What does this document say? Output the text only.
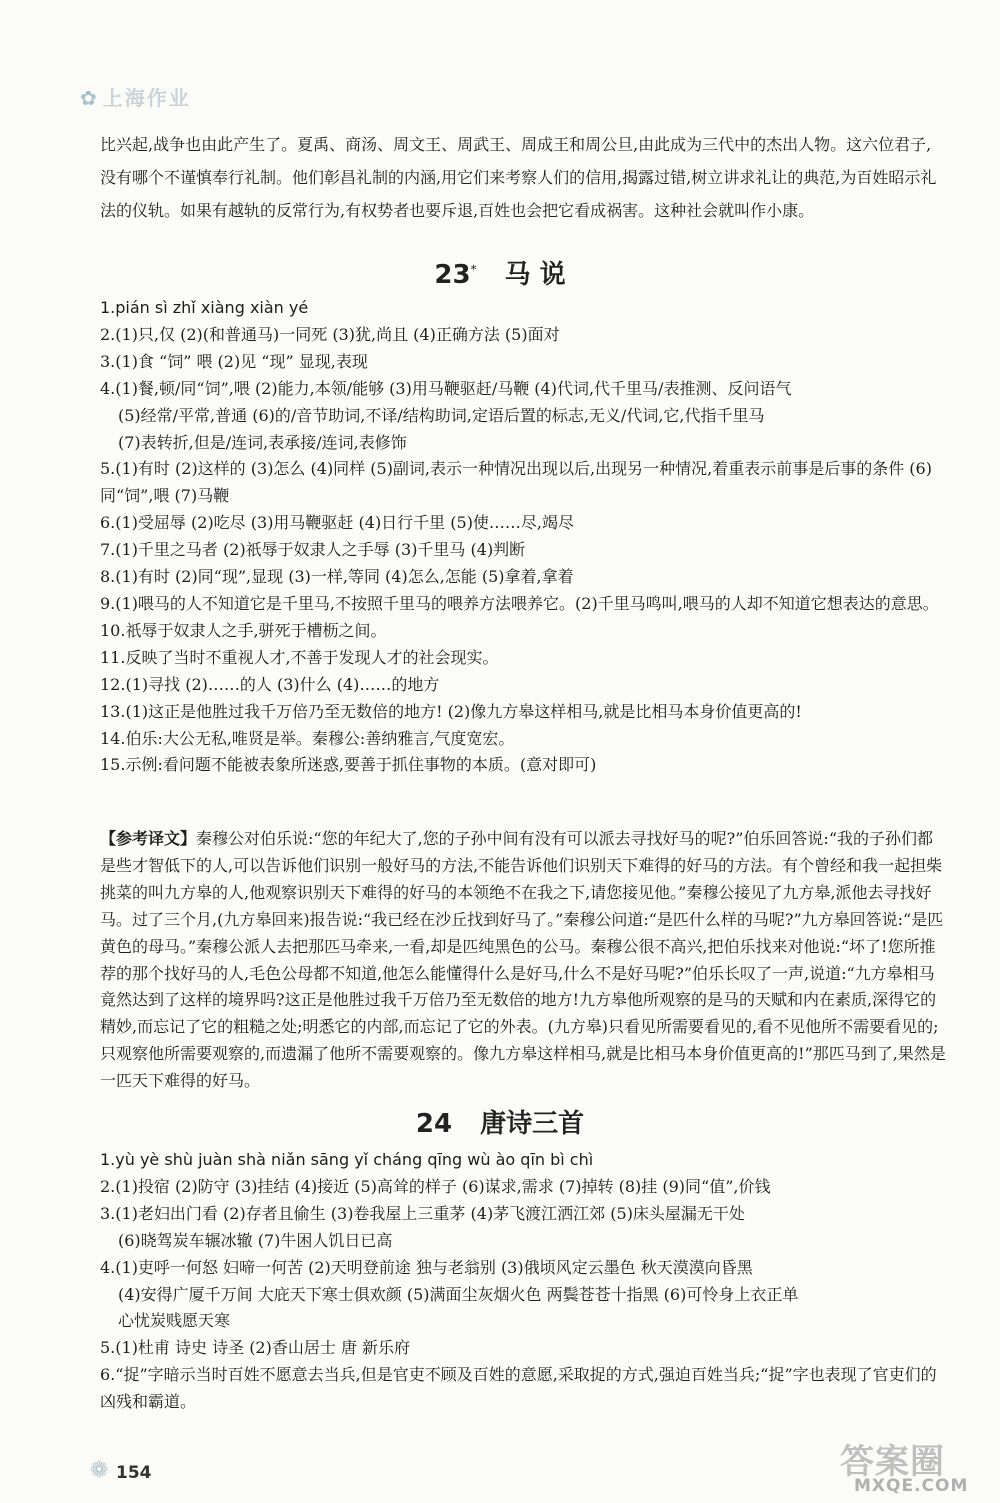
✿ 上海作业

比兴起,战争也由此产生了。夏禹、商汤、周文王、周武王、周成王和周公旦,由此成为三代中的杰出人物。这六位君子,没有哪个不谨慎奉行礼制。他们彰昌礼制的内涵,用它们来考察人们的信用,揭露过错,树立讲求礼让的典范,为百姓昭示礼法的仪轨。如果有越轨的反常行为,有权势者也要斥退,百姓也会把它看成祸害。这种社会就叫作小康。

23* 马 说
1.pián sì zhǐ xiàng xiàn yé
2.(1)只,仅 (2)(和普通马)一同死 (3)犹,尚且 (4)正确方法 (5)面对
3.(1)食 “饲” 喂 (2)见 “现” 显现,表现
4.(1)餐,顿/同“饲”,喂 (2)能力,本领/能够 (3)用马鞭驱赶/马鞭 (4)代词,代千里马/表推测、反问语气
(5)经常/平常,普通 (6)的/音节助词,不译/结构助词,定语后置的标志,无义/代词,它,代指千里马
(7)表转折,但是/连词,表承接/连词,表修饰
5.(1)有时 (2)这样的 (3)怎么 (4)同样 (5)副词,表示一种情况出现以后,出现另一种情况,着重表示前事是后事的条件 (6)同“饲”,喂 (7)马鞭
6.(1)受屈辱 (2)吃尽 (3)用马鞭驱赶 (4)日行千里 (5)使……尽,竭尽
7.(1)千里之马者 (2)祇辱于奴隶人之手辱 (3)千里马 (4)判断
8.(1)有时 (2)同“现”,显现 (3)一样,等同 (4)怎么,怎能 (5)拿着,拿着
9.(1)喂马的人不知道它是千里马,不按照千里马的喂养方法喂养它。(2)千里马鸣叫,喂马的人却不知道它想表达的意思。
10.祇辱于奴隶人之手,骈死于槽枥之间。
11.反映了当时不重视人才,不善于发现人才的社会现实。
12.(1)寻找 (2)……的人 (3)什么 (4)……的地方
13.(1)这正是他胜过我千万倍乃至无数倍的地方! (2)像九方皋这样相马,就是比相马本身价值更高的!
14.伯乐:大公无私,唯贤是举。秦穆公:善纳雅言,气度宽宏。
15.示例:看问题不能被表象所迷惑,要善于抓住事物的本质。(意对即可)
【参考译文】秦穆公对伯乐说:“您的年纪大了,您的子孙中间有没有可以派去寻找好马的呢?”伯乐回答说:“我的子孙们都是些才智低下的人,可以告诉他们识别一般好马的方法,不能告诉他们识别天下难得的好马的方法。有个曾经和我一起担柴挑菜的叫九方皋的人,他观察识别天下难得的好马的本领绝不在我之下,请您接见他。”秦穆公接见了九方皋,派他去寻找好马。过了三个月,(九方皋回来)报告说:“我已经在沙丘找到好马了。”秦穆公问道:“是匹什么样的马呢?”九方皋回答说:“是匹黄色的母马。”秦穆公派人去把那匹马牵来,一看,却是匹纯黑色的公马。秦穆公很不高兴,把伯乐找来对他说:“坏了!您所推荐的那个找好马的人,毛色公母都不知道,他怎么能懂得什么是好马,什么不是好马呢?”伯乐长叹了一声,说道:“九方皋相马竟然达到了这样的境界吗?这正是他胜过我千万倍乃至无数倍的地方!九方皋他所观察的是马的天赋和内在素质,深得它的精妙,而忘记了它的粗糙之处;明悉它的内部,而忘记了它的外表。(九方皋)只看见所需要看见的,看不见他所不需要看见的;只观察他所需要观察的,而遗漏了他所不需要观察的。像九方皋这样相马,就是比相马本身价值更高的!”那匹马到了,果然是一匹天下难得的好马。
24 唐诗三首
1.yù yè shù juàn shà niǎn sāng yǐ cháng qīng wù ào qīn bì chì
2.(1)投宿 (2)防守 (3)挂结 (4)接近 (5)高耸的样子 (6)谋求,需求 (7)掉转 (8)挂 (9)同“值”,价钱
3.(1)老妇出门看 (2)存者且偷生 (3)卷我屋上三重茅 (4)茅飞渡江洒江郊 (5)床头屋漏无干处
(6)晓驾炭车辗冰辙 (7)牛困人饥日已高
4.(1)吏呼一何怒 妇啼一何苦 (2)天明登前途 独与老翁别 (3)俄顷风定云墨色 秋天漠漠向昏黑
(4)安得广厦千万间 大庇天下寒士俱欢颜 (5)满面尘灰烟火色 两鬓苍苍十指黑 (6)可怜身上衣正单
心忧炭贱愿天寒
5.(1)杜甫 诗史 诗圣 (2)香山居士 唐 新乐府
6.“捉”字暗示当时百姓不愿意去当兵,但是官吏不顾及百姓的意愿,采取捉的方式,强迫百姓当兵;“捉”字也表现了官吏们的凶残和霸道。
❁ 154	答案圈
MXQE.COM
